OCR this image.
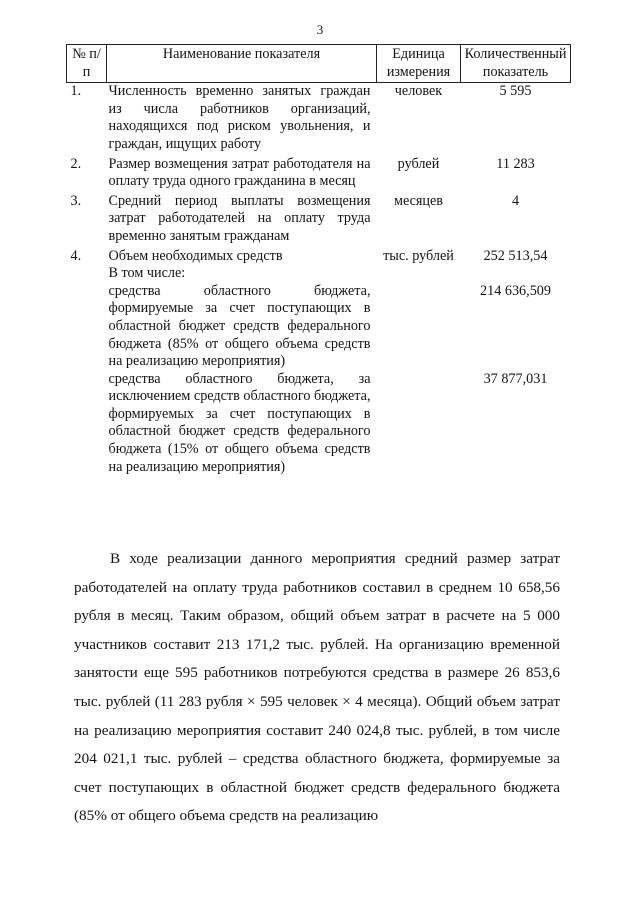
3
№ п/п	Наименование показателя	Единица измерения	Количественный показатель
1.	Численность временно занятых граждан из числа работников организаций, находящихся под риском увольнения, и граждан, ищущих работу	человек	5 595
2.	Размер возмещения затрат работодателя на оплату труда одного гражданина в месяц	рублей	11 283
3.	Средний период выплаты возмещения затрат работодателей на оплату труда временно занятым гражданам	месяцев	4
4.	Объем необходимых средств	тыс. рублей	252 513,54
	В том числе:		
	средства областного бюджета, формируемые за счет поступающих в областной бюджет средств федерального бюджета (85% от общего объема средств на реализацию мероприятия)		214 636,509
	средства областного бюджета, за исключением средств областного бюджета, формируемых за счет поступающих в областной бюджет средств федерального бюджета (15% от общего объема средств на реализацию мероприятия)		37 877,031

В ходе реализации данного мероприятия средний размер затрат работодателей на оплату труда работников составил в среднем 10 658,56 рубля в месяц. Таким образом, общий объем затрат в расчете на 5 000 участников составит 213 171,2 тыс. рублей. На организацию временной занятости еще 595 работников потребуются средства в размере 26 853,6 тыс. рублей (11 283 рубля × 595 человек × 4 месяца). Общий объем затрат на реализацию мероприятия составит 240 024,8 тыс. рублей, в том числе 204 021,1 тыс. рублей – средства областного бюджета, формируемые за счет поступающих в областной бюджет средств федерального бюджета (85% от общего объема средств на реализацию
